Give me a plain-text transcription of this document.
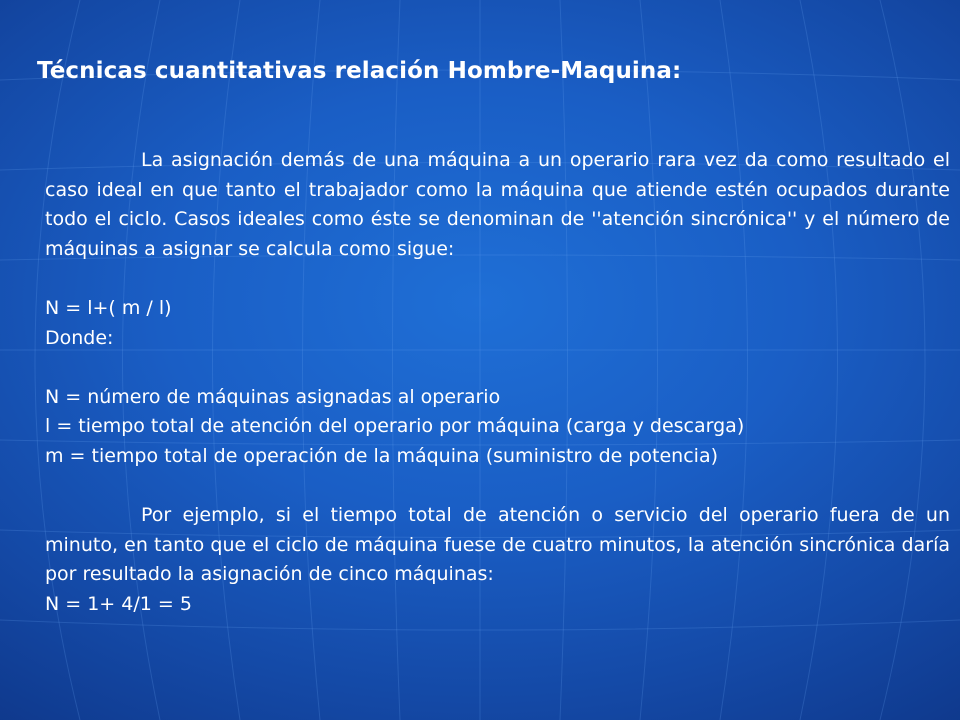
Técnicas cuantitativas relación Hombre-Maquina:

La asignación demás de una máquina a un operario rara vez da como resultado el caso ideal en que tanto el trabajador como la máquina que atiende estén ocupados durante todo el ciclo. Casos ideales como éste se denominan de ''atención sincrónica'' y el número de máquinas a asignar se calcula como sigue:

N = l+( m / l)

Donde:

N = número de máquinas asignadas al operario

l = tiempo total de atención del operario por máquina (carga y descarga)

m = tiempo total de operación de la máquina (suministro de potencia)

Por ejemplo, si el tiempo total de atención o servicio del operario fuera de un minuto, en tanto que el ciclo de máquina fuese de cuatro minutos, la atención sincrónica daría por resultado la asignación de cinco máquinas:

N = 1+ 4/1 = 5
